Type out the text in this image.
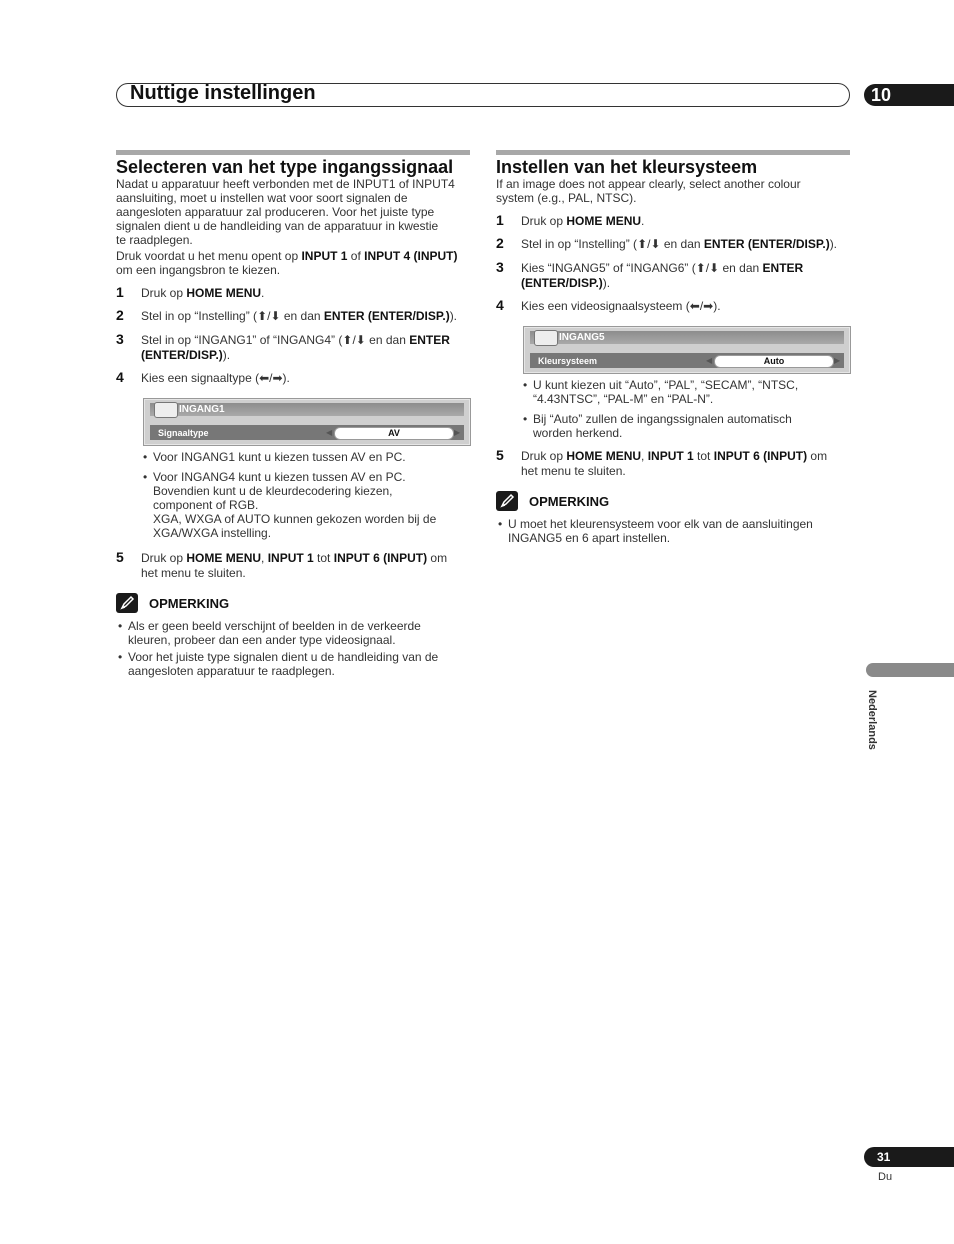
Nuttige instellingen	10
Selecteren van het type ingangssignaal
Nadat u apparatuur heeft verbonden met de INPUT1 of INPUT4
aansluiting, moet u instellen wat voor soort signalen de
aangesloten apparatuur zal produceren. Voor het juiste type
signalen dient u de handleiding van de apparatuur in kwestie
te raadplegen.
Druk voordat u het menu opent op INPUT 1 of INPUT 4 (INPUT)
om een ingangsbron te kiezen.
1 Druk op HOME MENU.
2 Stel in op “Instelling” (⬆/⬇ en dan ENTER (ENTER/DISP.)).
3 Stel in op “INGANG1” of “INGANG4” (⬆/⬇ en dan ENTER
(ENTER/DISP.)).
4 Kies een signaaltype (⬅/➡).
INGANG1
Signaaltype	◀	AV	▶
• Voor INGANG1 kunt u kiezen tussen AV en PC.
• Voor INGANG4 kunt u kiezen tussen AV en PC.
Bovendien kunt u de kleurdecodering kiezen,
component of RGB.
XGA, WXGA of AUTO kunnen gekozen worden bij de
XGA/WXGA instelling.
5 Druk op HOME MENU, INPUT 1 tot INPUT 6 (INPUT) om
het menu te sluiten.
OPMERKING
• Als er geen beeld verschijnt of beelden in de verkeerde
kleuren, probeer dan een ander type videosignaal.
• Voor het juiste type signalen dient u de handleiding van de
aangesloten apparatuur te raadplegen.
Instellen van het kleursysteem
If an image does not appear clearly, select another colour
system (e.g., PAL, NTSC).
1 Druk op HOME MENU.
2 Stel in op “Instelling” (⬆/⬇ en dan ENTER (ENTER/DISP.)).
3 Kies “INGANG5” of “INGANG6” (⬆/⬇ en dan ENTER
(ENTER/DISP.)).
4 Kies een videosignaalsysteem (⬅/➡).
INGANG5
Kleursysteem	◀	Auto	▶
• U kunt kiezen uit “Auto”, “PAL”, “SECAM”, “NTSC,
“4.43NTSC”, “PAL-M” en “PAL-N”.
• Bij “Auto” zullen de ingangssignalen automatisch
worden herkend.
5 Druk op HOME MENU, INPUT 1 tot INPUT 6 (INPUT) om
het menu te sluiten.
OPMERKING
• U moet het kleurensysteem voor elk van de aansluitingen
INGANG5 en 6 apart instellen.
Nederlands
31
Du
